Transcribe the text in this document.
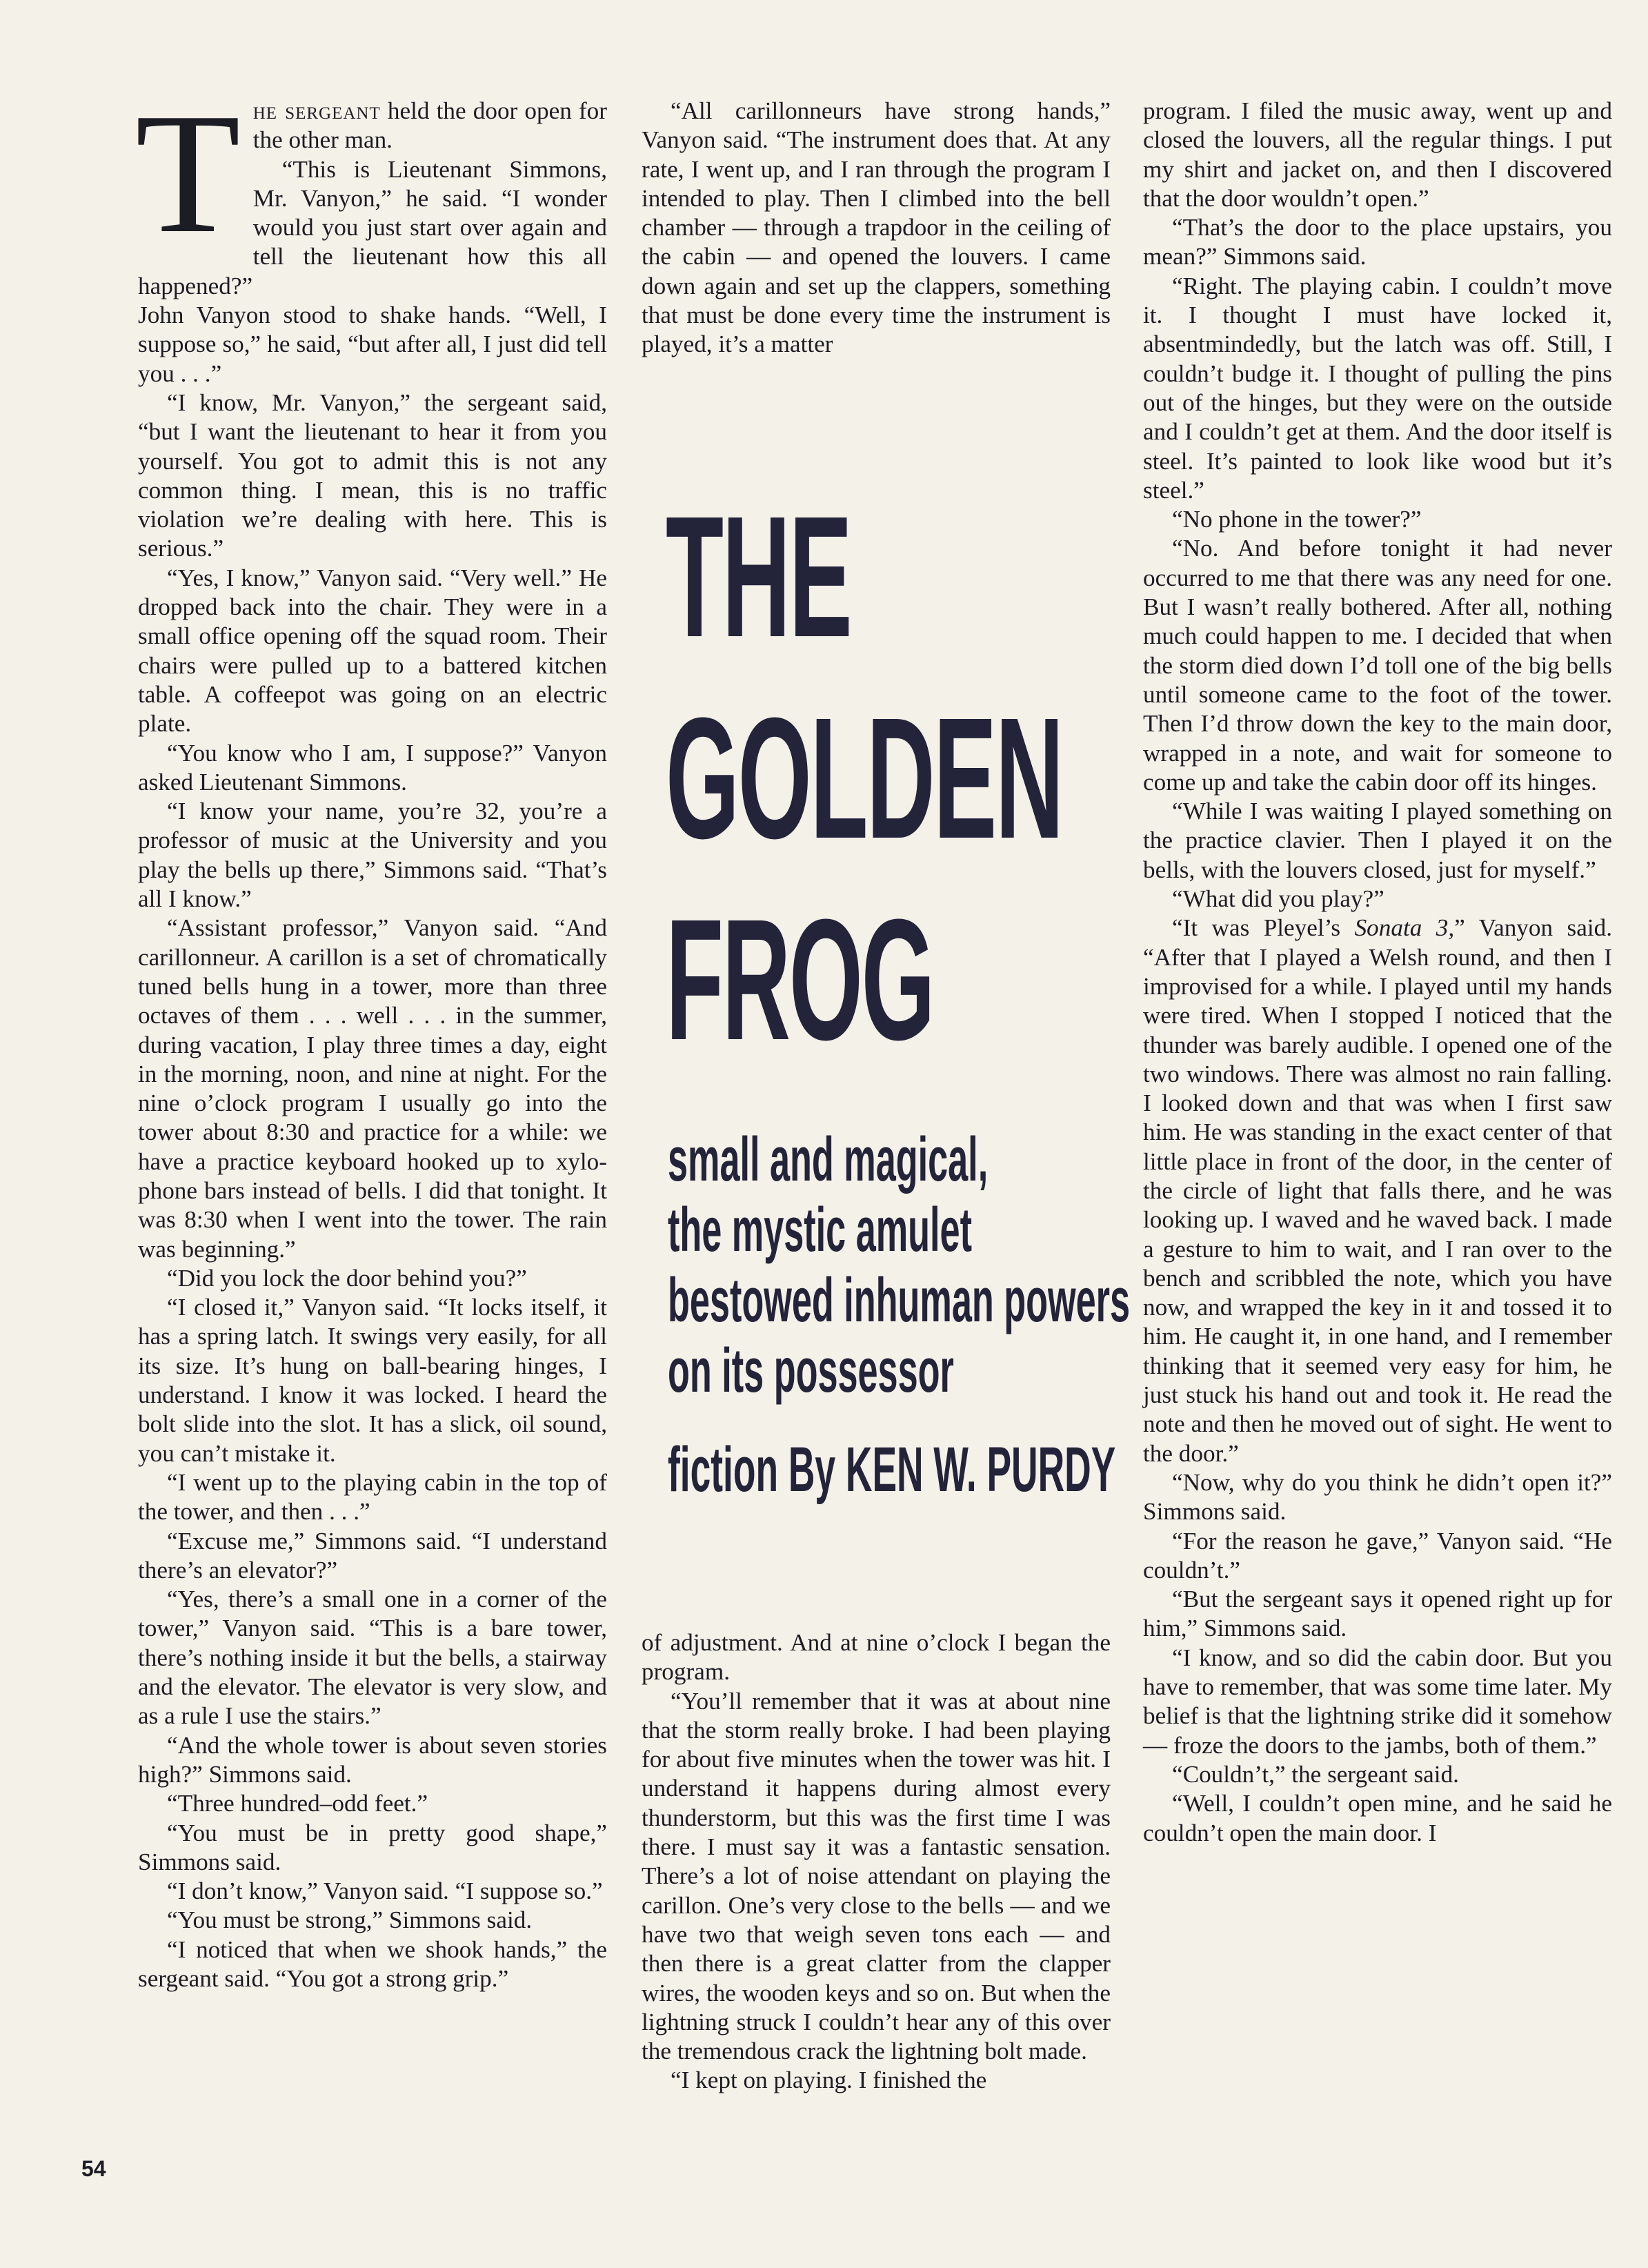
The sergeant held the door open for the other man.

“This is Lieutenant Simmons, Mr. Vanyon,” he said. “I wonder would you just start over again and tell the lieutenant how this all happened?”

John Vanyon stood to shake hands. “Well, I suppose so,” he said, “but after all, I just did tell you . . .”

“I know, Mr. Vanyon,” the sergeant said, “but I want the lieutenant to hear it from you yourself. You got to admit this is not any common thing. I mean, this is no traffic violation we’re dealing with here. This is serious.”

“Yes, I know,” Vanyon said. “Very well.” He dropped back into the chair. They were in a small office opening off the squad room. Their chairs were pulled up to a battered kitchen table. A coffeepot was going on an electric plate.

“You know who I am, I suppose?” Vanyon asked Lieutenant Simmons.

“I know your name, you’re 32, you’re a professor of music at the University and you play the bells up there,” Simmons said. “That’s all I know.”

“Assistant professor,” Vanyon said. “And carillonneur. A carillon is a set of chromatically tuned bells hung in a tower, more than three octaves of them . . . well . . . in the summer, during vacation, I play three times a day, eight in the morning, noon, and nine at night. For the nine o’clock program I usually go into the tower about 8:30 and practice for a while: we have a practice keyboard hooked up to xylophone bars instead of bells. I did that tonight. It was 8:30 when I went into the tower. The rain was beginning.”

“Did you lock the door behind you?”

“I closed it,” Vanyon said. “It locks itself, it has a spring latch. It swings very easily, for all its size. It’s hung on ball-bearing hinges, I understand. I know it was locked. I heard the bolt slide into the slot. It has a slick, oil sound, you can’t mistake it.

“I went up to the playing cabin in the top of the tower, and then . . .”

“Excuse me,” Simmons said. “I understand there’s an elevator?”

“Yes, there’s a small one in a corner of the tower,” Vanyon said. “This is a bare tower, there’s nothing inside it but the bells, a stairway and the elevator. The elevator is very slow, and as a rule I use the stairs.”

“And the whole tower is about seven stories high?” Simmons said.

“Three hundred–odd feet.”

“You must be in pretty good shape,” Simmons said.

“I don’t know,” Vanyon said. “I suppose so.”

“You must be strong,” Simmons said.

“I noticed that when we shook hands,” the sergeant said. “You got a strong grip.”

“All carillonneurs have strong hands,” Vanyon said. “The instrument does that. At any rate, I went up, and I ran through the program I intended to play. Then I climbed into the bell chamber — through a trapdoor in the ceiling of the cabin — and opened the louvers. I came down again and set up the clappers, something that must be done every time the instrument is played, it’s a matter

THE
GOLDEN
FROG
small and magical,
the mystic amulet
bestowed inhuman powers
on its possessor
fiction By KEN W. PURDY

of adjustment. And at nine o’clock I began the program.

“You’ll remember that it was at about nine that the storm really broke. I had been playing for about five minutes when the tower was hit. I understand it happens during almost every thunderstorm, but this was the first time I was there. I must say it was a fantastic sensation. There’s a lot of noise attendant on playing the carillon. One’s very close to the bells — and we have two that weigh seven tons each — and then there is a great clatter from the clapper wires, the wooden keys and so on. But when the lightning struck I couldn’t hear any of this over the tremendous crack the lightning bolt made.

“I kept on playing. I finished the

program. I filed the music away, went up and closed the louvers, all the regular things. I put my shirt and jacket on, and then I discovered that the door wouldn’t open.”

“That’s the door to the place upstairs, you mean?” Simmons said.

“Right. The playing cabin. I couldn’t move it. I thought I must have locked it, absentmindedly, but the latch was off. Still, I couldn’t budge it. I thought of pulling the pins out of the hinges, but they were on the outside and I couldn’t get at them. And the door itself is steel. It’s painted to look like wood but it’s steel.”

“No phone in the tower?”

“No. And before tonight it had never occurred to me that there was any need for one. But I wasn’t really bothered. After all, nothing much could happen to me. I decided that when the storm died down I’d toll one of the big bells until someone came to the foot of the tower. Then I’d throw down the key to the main door, wrapped in a note, and wait for someone to come up and take the cabin door off its hinges.

“While I was waiting I played something on the practice clavier. Then I played it on the bells, with the louvers closed, just for myself.”

“What did you play?”

“It was Pleyel’s Sonata 3,” Vanyon said. “After that I played a Welsh round, and then I improvised for a while. I played until my hands were tired. When I stopped I noticed that the thunder was barely audible. I opened one of the two windows. There was almost no rain falling. I looked down and that was when I first saw him. He was standing in the exact center of that little place in front of the door, in the center of the circle of light that falls there, and he was looking up. I waved and he waved back. I made a gesture to him to wait, and I ran over to the bench and scribbled the note, which you have now, and wrapped the key in it and tossed it to him. He caught it, in one hand, and I remember thinking that it seemed very easy for him, he just stuck his hand out and took it. He read the note and then he moved out of sight. He went to the door.”

“Now, why do you think he didn’t open it?” Simmons said.

“For the reason he gave,” Vanyon said. “He couldn’t.”

“But the sergeant says it opened right up for him,” Simmons said.

“I know, and so did the cabin door. But you have to remember, that was some time later. My belief is that the lightning strike did it somehow — froze the doors to the jambs, both of them.”

“Couldn’t,” the sergeant said.

“Well, I couldn’t open mine, and he said he couldn’t open the main door. I

54
